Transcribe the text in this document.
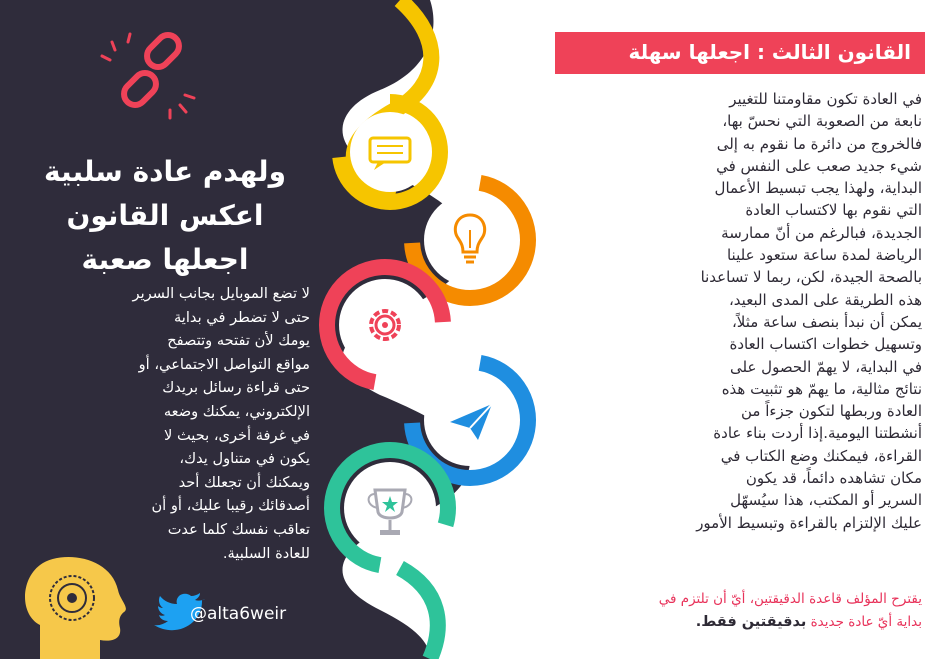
ولهدم عادة سلبية
اعكس القانون
اجعلها صعبة
لا تضع الموبايل بجانب السرير
حتى لا تضطر في بداية
يومك لأن تفتحه وتتصفح
مواقع التواصل الاجتماعي، أو
حتى قراءة رسائل بريدك
الإلكتروني، يمكنك وضعه
في غرفة أخرى، بحيث لا
يكون في متناول يدك،
ويمكنك أن تجعلك أحد
أصدقائك رقيبا عليك، أو أن
تعاقب نفسك كلما عدت
للعادة السلبية.
@alta6weir
القانون الثالث : اجعلها سهلة
في العادة تكون مقاومتنا للتغيير
نابعة من الصعوبة التي نحسّ بها،
فالخروج من دائرة ما نقوم به إلى
شيء جديد صعب على النفس في
البداية، ولهذا يجب تبسيط الأعمال
التي نقوم بها لاكتساب العادة
الجديدة، فبالرغم من أنّ ممارسة
الرياضة لمدة ساعة ستعود علينا
بالصحة الجيدة، لكن، ربما لا تساعدنا
هذه الطريقة على المدى البعيد،
يمكن أن نبدأ بنصف ساعة مثلاً،
وتسهيل خطوات اكتساب العادة
في البداية، لا يهمّ الحصول على
نتائج مثالية، ما يهمّ هو تثبيت هذه
العادة وربطها لتكون جزءاً من
أنشطتنا اليومية.إذا أردت بناء عادة
القراءة، فيمكنك وضع الكتاب في
مكان تشاهده دائماً، قد يكون
السرير أو المكتب، هذا سيُسهّل
عليك الإلتزام بالقراءة وتبسيط الأمور
يقترح المؤلف قاعدة الدقيقتين، أيّ أن تلتزم في
بداية أيّ عادة جديدة بدقيقتين فقط.
